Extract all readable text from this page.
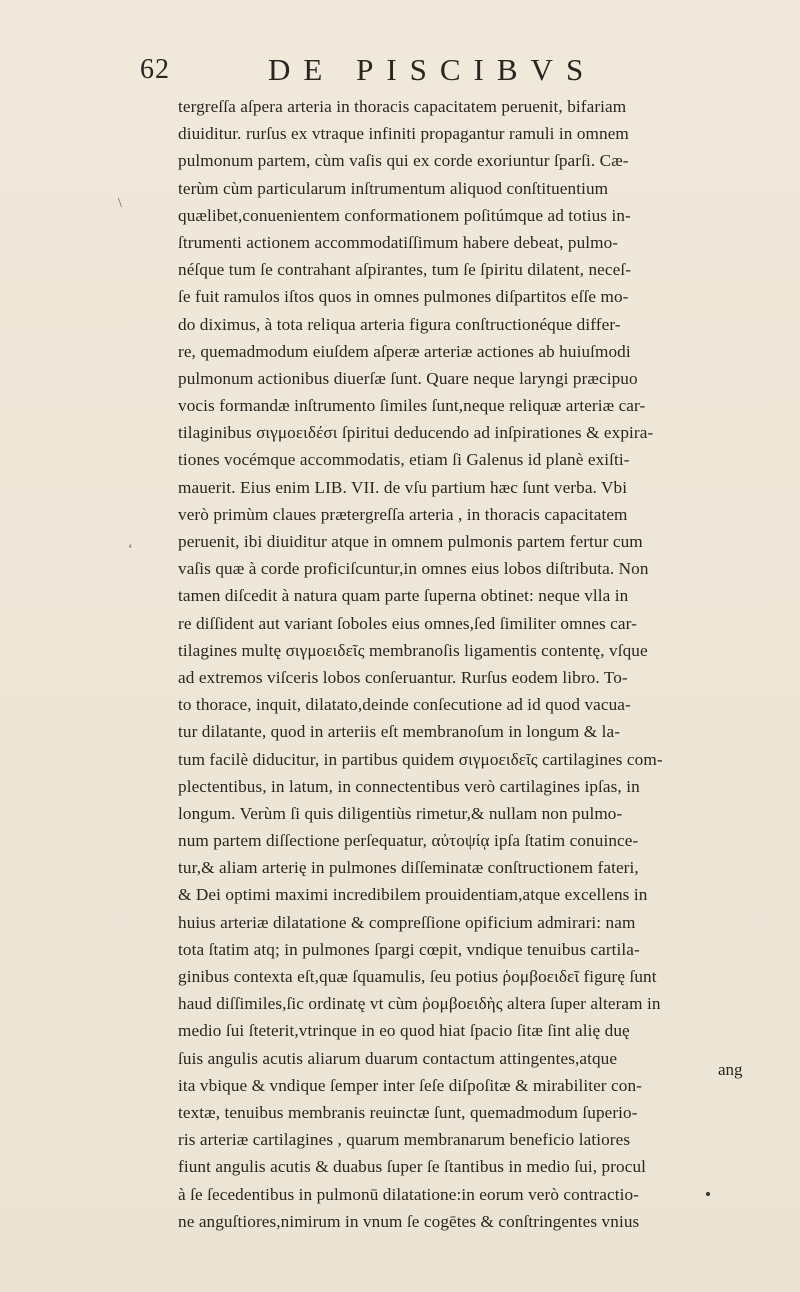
62	DE PISCIBVS
tergreſſa aſpera arteria in thoracis capacitatem peruenit, bifariam
diuiditur. rurſus ex vtraque infiniti propagantur ramuli in omnem
pulmonum partem, cùm vaſis qui ex corde exoriuntur ſparſi. Cæ-
terùm cùm particularum inſtrumentum aliquod conſtituentium
quælibet,conuenientem conformationem poſitúmque ad totius in-
ſtrumenti actionem accommodatiſſimum habere debeat, pulmo-
néſque tum ſe contrahant aſpirantes, tum ſe ſpiritu dilatent, neceſ-
ſe fuit ramulos iſtos quos in omnes pulmones diſpartitos eſſe mo-
do diximus, à tota reliqua arteria figura conſtructionéque differ-
re, quemadmodum eiuſdem aſperæ arteriæ actiones ab huiuſmodi
pulmonum actionibus diuerſæ ſunt. Quare neque laryngi præcipuo
vocis formandæ inſtrumento ſimiles ſunt,neque reliquæ arteriæ car-
tilaginibus σιγμοειδέσι ſpiritui deducendo ad inſpirationes & expira-
tiones vocémque accommodatis, etiam ſi Galenus id planè exiſti-
mauerit. Eius enim LIB. VII. de vſu partium hæc ſunt verba. Vbi
verò primùm claues prætergreſſa arteria , in thoracis capacitatem
peruenit, ibi diuiditur atque in omnem pulmonis partem fertur cum
vaſis quæ à corde proficiſcuntur,in omnes eius lobos diſtributa. Non
tamen diſcedit à natura quam parte ſuperna obtinet: neque vlla in
re diſſident aut variant ſoboles eius omnes,ſed ſimiliter omnes car-
tilagines multę σιγμοειδεῖς membranoſis ligamentis contentę, vſque
ad extremos viſceris lobos conſeruantur. Rurſus eodem libro. To-
to thorace, inquit, dilatato,deinde conſecutione ad id quod vacua-
tur dilatante, quod in arteriis eſt membranoſum in longum & la-
tum facilè diducitur, in partibus quidem σιγμοειδεῖς cartilagines com-
plectentibus, in latum, in connectentibus verò cartilagines ipſas, in
longum. Verùm ſi quis diligentiùs rimetur,& nullam non pulmo-
num partem diſſectione perſequatur, αὐτοψίᾳ ipſa ſtatim conuince-
tur,& aliam arterię in pulmones diſſeminatæ conſtructionem fateri,
& Dei optimi maximi incredibilem prouidentiam,atque excellens in
huius arteriæ dilatatione & compreſſione opificium admirari: nam
tota ſtatim atq; in pulmones ſpargi cœpit, vndique tenuibus cartila-
ginibus contexta eſt,quæ ſquamulis, ſeu potius ῥομβοειδεῖ figurę ſunt
haud diſſimiles,ſic ordinatę vt cùm ῥομβοειδὴς altera ſuper alteram in
medio ſui ſteterit,vtrinque in eo quod hiat ſpacio ſitæ ſint alię duę
ſuis angulis acutis aliarum duarum contactum attingentes,atque
ita vbique & vndique ſemper inter ſeſe diſpoſitæ & mirabiliter con-
textæ, tenuibus membranis reuinctæ ſunt, quemadmodum ſuperio-
ris arteriæ cartilagines , quarum membranarum beneficio latiores
fiunt angulis acutis & duabus ſuper ſe ſtantibus in medio ſui, procul
à ſe ſecedentibus in pulmonū dilatatione:in eorum verò contractio-
ne anguſtiores,nimirum in vnum ſe cogētes & conſtringentes vnius
\
‘
ang
